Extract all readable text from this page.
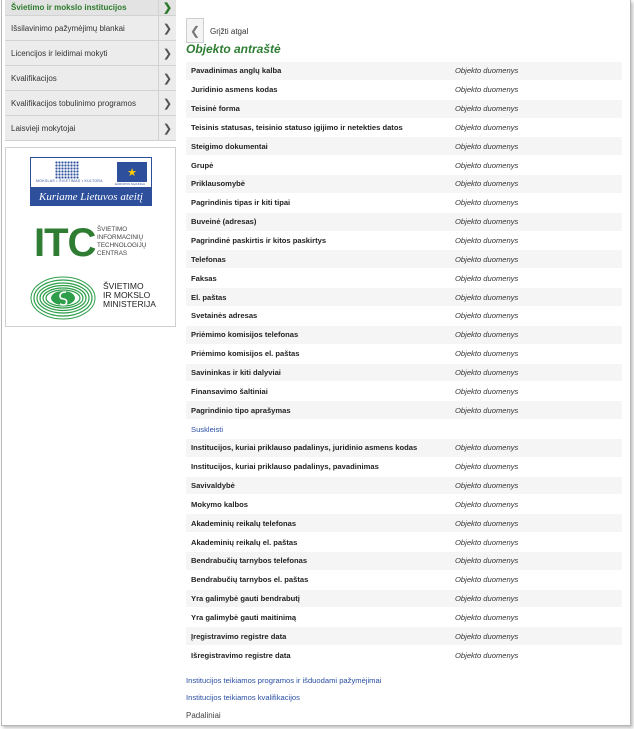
Švietimo ir mokslo institucijos	❯
Išsilavinimo pažymėjimų blankai	❯
Licencijos ir leidimai mokyti	❯
Kvalifikacijos	❯
Kvalifikacijos tobulinimo programos	❯
Laisvieji mokytojai	❯
MOKSLAS • ŠVIETIMAS • KULTŪRA
★
EUROPOS SĄJUNGA
Kuriame Lietuvos ateitį
ITC ŠVIETIMO
INFORMACINIŲ
TECHNOLOGIJŲ
CENTRAS
ŠVIETIMO
IR MOKSLO
MINISTERIJA
❮ Grįžti atgal
Objekto antraštė
Pavadinimas anglų kalba	Objekto duomenys
Juridinio asmens kodas	Objekto duomenys
Teisinė forma	Objekto duomenys
Teisinis statusas, teisinio statuso įgijimo ir netekties datos	Objekto duomenys
Steigimo dokumentai	Objekto duomenys
Grupė	Objekto duomenys
Priklausomybė	Objekto duomenys
Pagrindinis tipas ir kiti tipai	Objekto duomenys
Buveinė (adresas)	Objekto duomenys
Pagrindinė paskirtis ir kitos paskirtys	Objekto duomenys
Telefonas	Objekto duomenys
Faksas	Objekto duomenys
El. paštas	Objekto duomenys
Svetainės adresas	Objekto duomenys
Priėmimo komisijos telefonas	Objekto duomenys
Priėmimo komisijos el. paštas	Objekto duomenys
Savininkas ir kiti dalyviai	Objekto duomenys
Finansavimo šaltiniai	Objekto duomenys
Pagrindinio tipo aprašymas	Objekto duomenys
Suskleisti
Institucijos, kuriai priklauso padalinys, juridinio asmens kodas	Objekto duomenys
Institucijos, kuriai priklauso padalinys, pavadinimas	Objekto duomenys
Savivaldybė	Objekto duomenys
Mokymo kalbos	Objekto duomenys
Akademinių reikalų telefonas	Objekto duomenys
Akademinių reikalų el. paštas	Objekto duomenys
Bendrabučių tarnybos telefonas	Objekto duomenys
Bendrabučių tarnybos el. paštas	Objekto duomenys
Yra galimybė gauti bendrabutį	Objekto duomenys
Yra galimybė gauti maitinimą	Objekto duomenys
Įregistravimo registre data	Objekto duomenys
Išregistravimo registre data	Objekto duomenys
Institucijos teikiamos programos ir išduodami pažymėjimai
Institucijos teikiamos kvalifikacijos
Padaliniai
